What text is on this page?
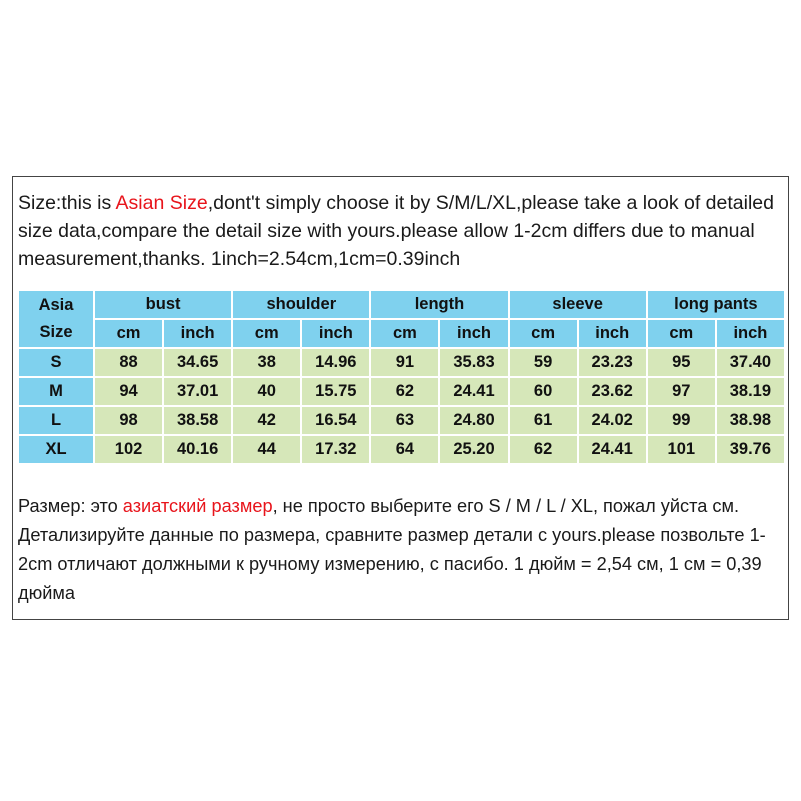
Size:this is Asian Size,dont't simply choose it by S/M/L/XL,please take a look of detailed size data,compare the detail size with yours.please allow 1-2cm differs due to manual measurement,thanks. 1inch=2.54cm,1cm=0.39inch
Asia
Size	bust		shoulder		length		sleeve		long pants	
	cm	inch	cm	inch	cm	inch	cm	inch	cm	inch
S	88	34.65	38	14.96	91	35.83	59	23.23	95	37.40
M	94	37.01	40	15.75	62	24.41	60	23.62	97	38.19
L	98	38.58	42	16.54	63	24.80	61	24.02	99	38.98
XL	102	40.16	44	17.32	64	25.20	62	24.41	101	39.76
Размер: это азиатский размер, не просто выберите его S / M / L / XL, пожал уйста см. Детализируйте данные по размера, сравните размер детали с yours.please позвольте 1-2cm отличают должными к ручному измерению, с пасибо. 1 дюйм = 2,54 см, 1 см = 0,39 дюйма
